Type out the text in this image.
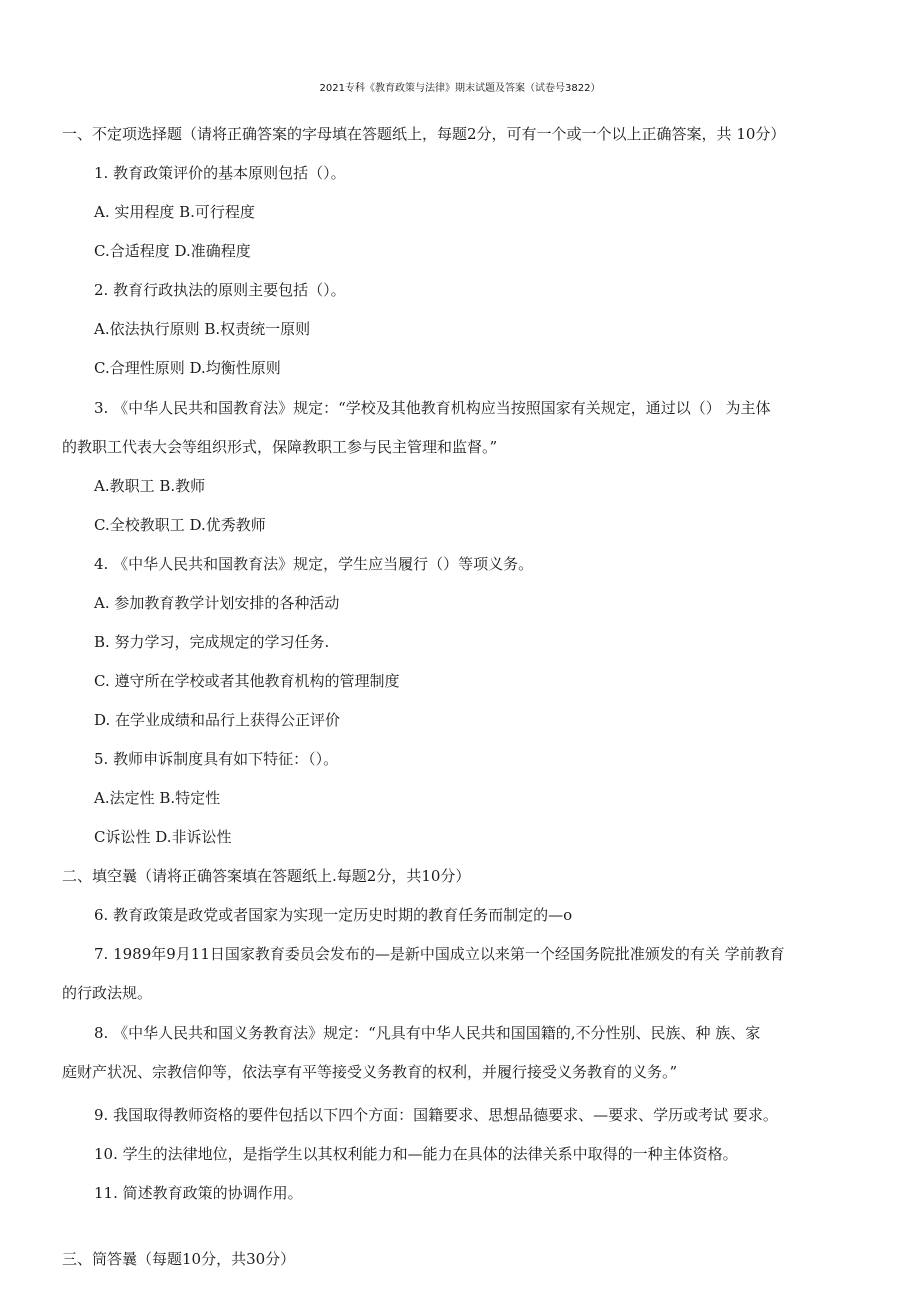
2021专科《教育政策与法律》期末试题及答案（试卷号3822）
一、不定项选择题（请将正确答案的字母填在答题纸上，每题2分，可有一个或一个以上正确答案，共 10分）
1. 教育政策评价的基本原则包括（）。
A. 实用程度 B.可行程度
C.合适程度 D.准确程度
2. 教育行政执法的原则主要包括（）。
A.依法执行原则 B.权责统一原则
C.合理性原则 D.均衡性原则
3. 《中华人民共和国教育法》规定：“学校及其他教育机构应当按照国家有关规定，通过以（） 为主体
的教职工代表大会等组织形式，保障教职工参与民主管理和监督。”
A.教职工 B.教师
C.全校教职工 D.优秀教师
4. 《中华人民共和国教育法》规定，学生应当履行（）等项义务。
A. 参加教育教学计划安排的各种活动
B. 努力学习，完成规定的学习任务.
C. 遵守所在学校或者其他教育机构的管理制度
D. 在学业成绩和品行上获得公正评价
5. 教师申诉制度具有如下特征：（）。
A.法定性 B.特定性
C诉讼性 D.非诉讼性
二、填空曩（请将正确答案填在答题纸上.每题2分，共10分）
6. 教育政策是政党或者国家为实现一定历史时期的教育任务而制定的—o
7. 1989年9月11日国家教育委员会发布的—是新中国成立以来第一个经国务院批准颁发的有关 学前教育
的行政法规。
8. 《中华人民共和国义务教育法》规定：“凡具有中华人民共和国国籍的,不分性别、民族、种 族、家
庭财产状况、宗教信仰等，依法享有平等接受义务教育的权利，并履行接受义务教育的义务。”
9. 我国取得教师资格的要件包括以下四个方面：国籍要求、思想品德要求、—要求、学历或考试 要求。
10. 学生的法律地位，是指学生以其权利能力和—能力在具体的法律关系中取得的一种主体资格。
11. 简述教育政策的协调作用。
三、筒答曩（每题10分，共30分）
